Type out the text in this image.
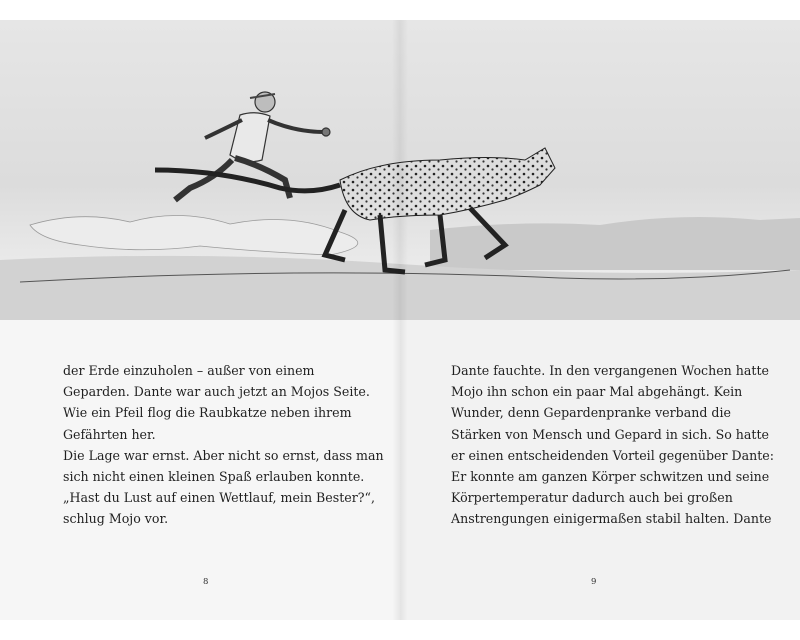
der Erde einzuholen – außer von einem

Geparden. Dante war auch jetzt an Mojos Seite.

Wie ein Pfeil flog die Raubkatze neben ihrem

Gefährten her.

Die Lage war ernst. Aber nicht so ernst, dass man

sich nicht einen kleinen Spaß erlauben konnte.

„Hast du Lust auf einen Wettlauf, mein Bester?“,

schlug Mojo vor.

Dante fauchte. In den vergangenen Wochen hatte

Mojo ihn schon ein paar Mal abgehängt. Kein

Wunder, denn Gepardenpranke verband die

Stärken von Mensch und Gepard in sich. So hatte

er einen entscheidenden Vorteil gegenüber Dante:

Er konnte am ganzen Körper schwitzen und seine

Körpertemperatur dadurch auch bei großen

Anstrengungen einigermaßen stabil halten. Dante

8	9
